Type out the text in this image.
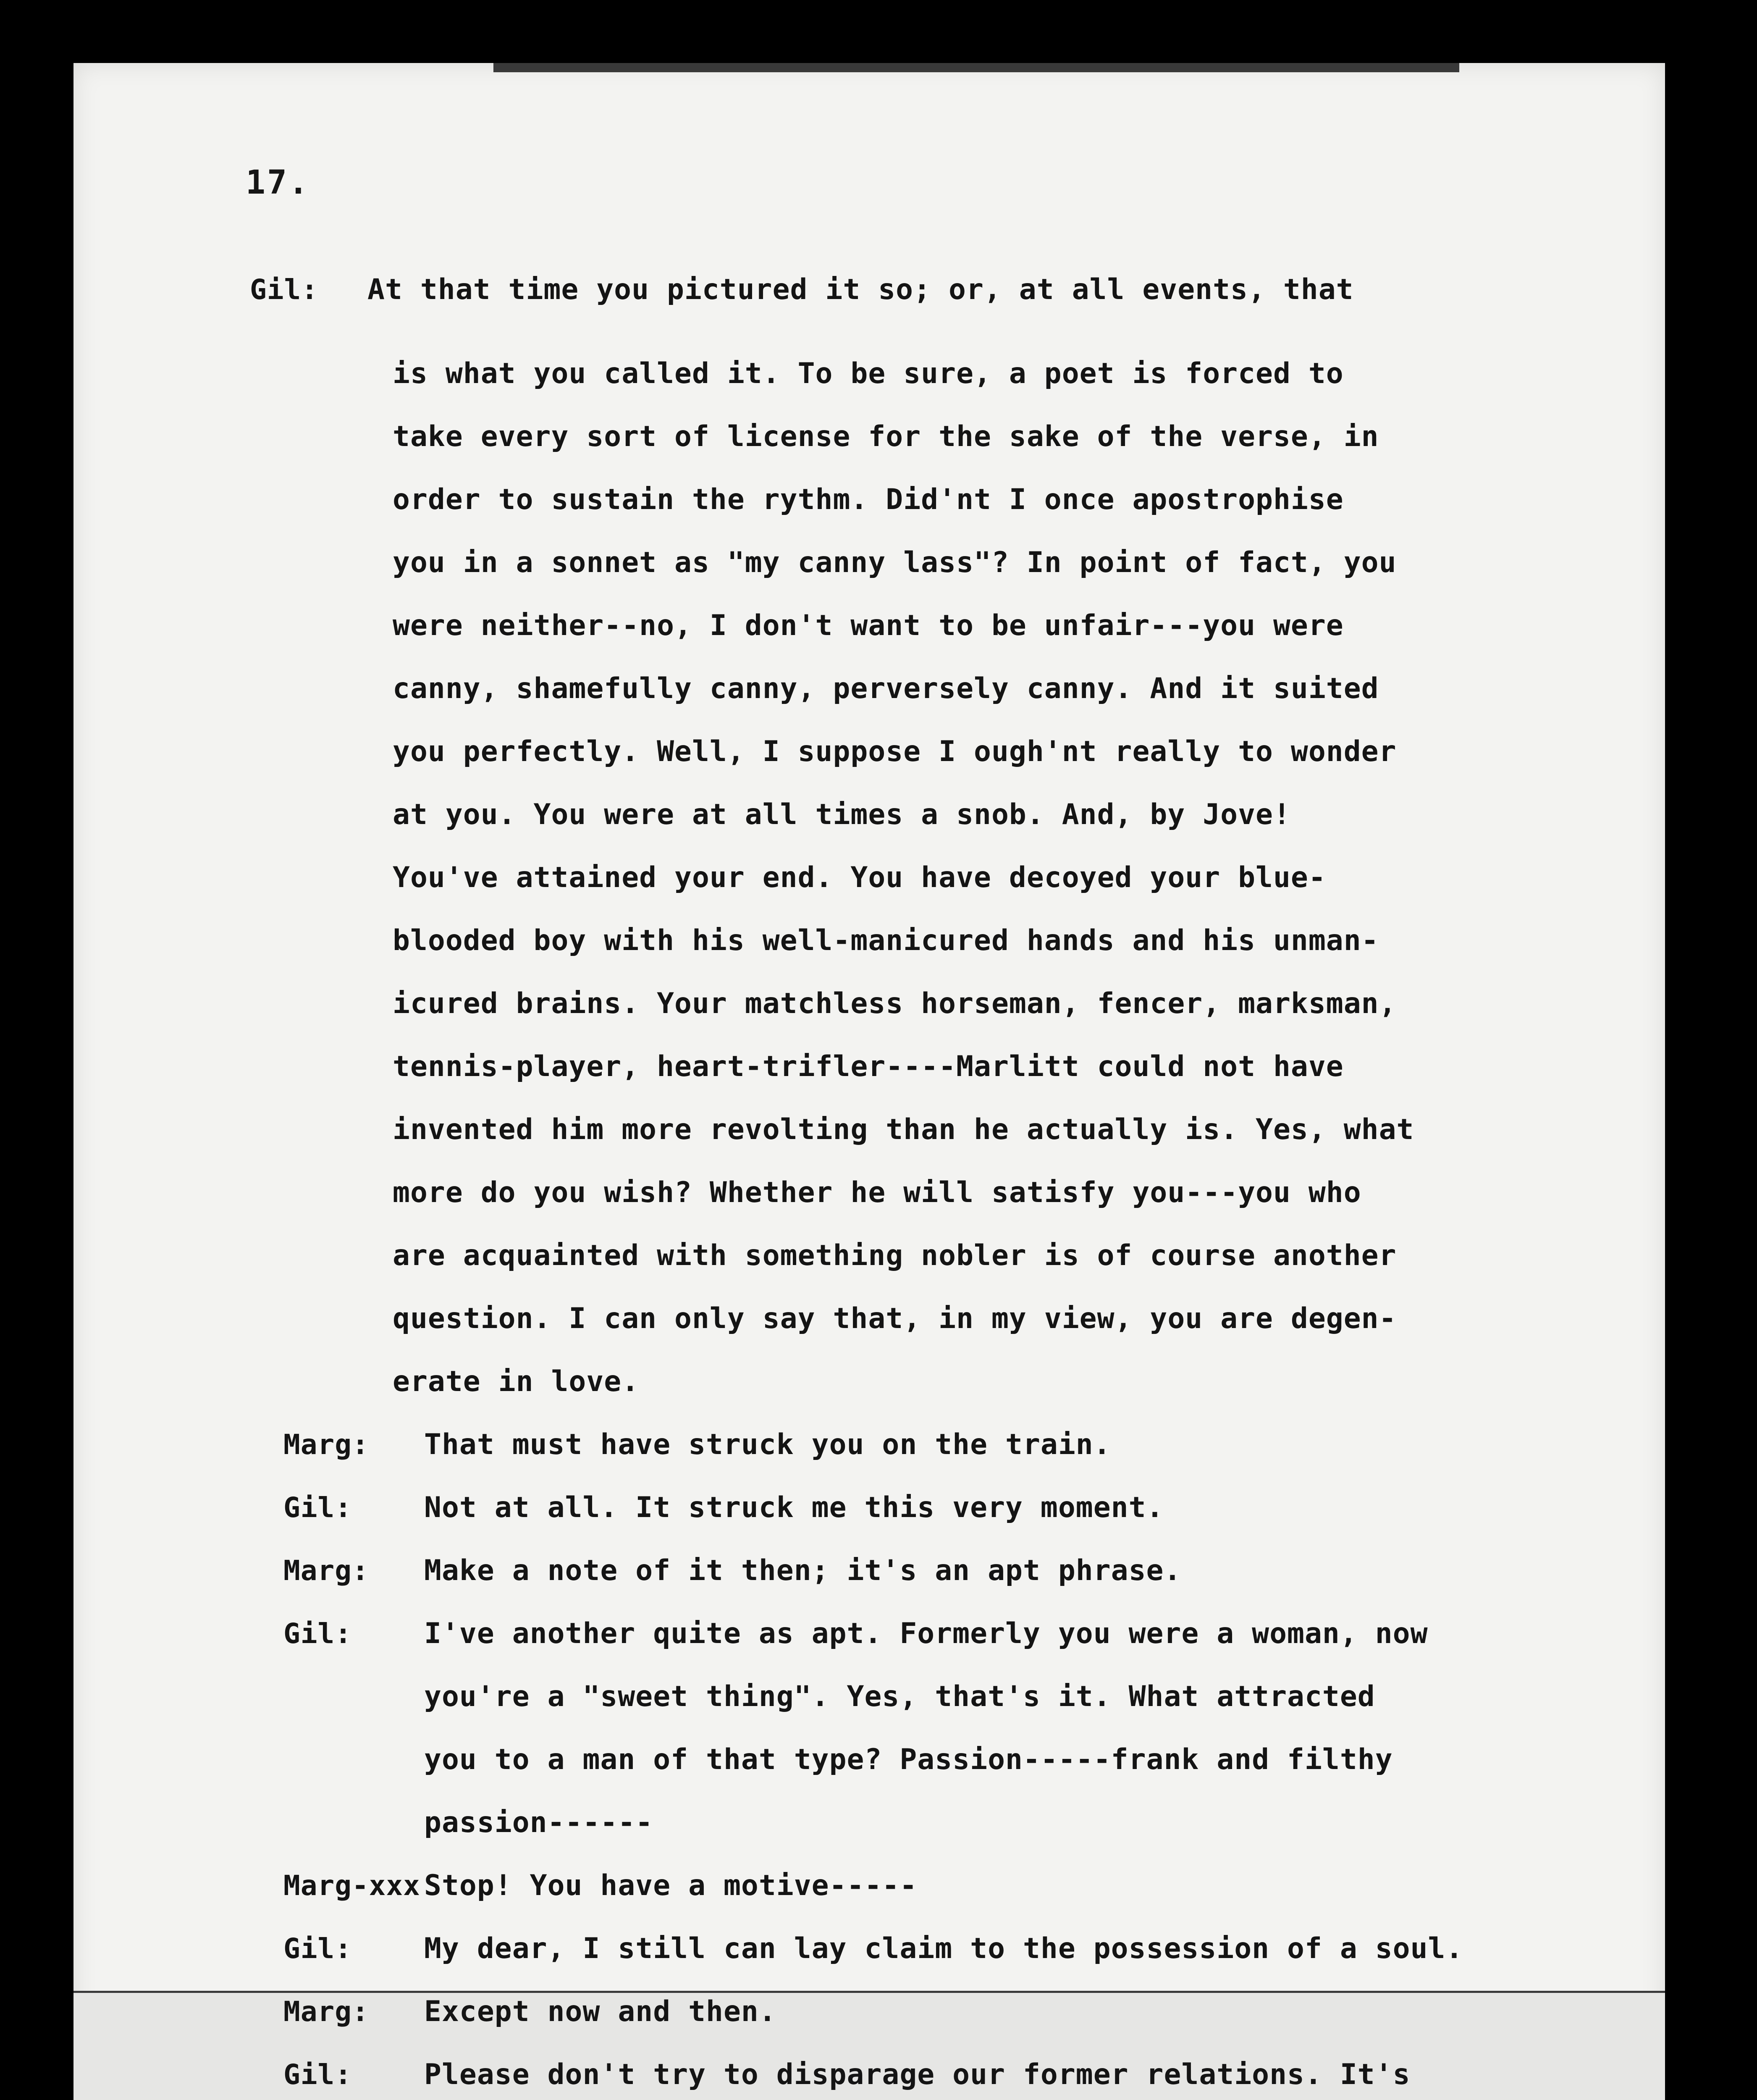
17.
Gil: At that time you pictured it so; or, at all events, that
is what you called it. To be sure, a poet is forced to
take every sort of license for the sake of the verse, in
order to sustain the rythm. Did'nt I once apostrophise
you in a sonnet as "my canny lass"? In point of fact, you
were neither--no, I don't want to be unfair---you were
canny, shamefully canny, perversely canny. And it suited
you perfectly. Well, I suppose I ough'nt really to wonder
at you. You were at all times a snob. And, by Jove!
You've attained your end. You have decoyed your blue-
blooded boy with his well-manicured hands and his unman-
icured brains. Your matchless horseman, fencer, marksman,
tennis-player, heart-trifler----Marlitt could not have
invented him more revolting than he actually is. Yes, what
more do you wish? Whether he will satisfy you---you who
are acquainted with something nobler is of course another
question. I can only say that, in my view, you are degen-
erate in love.
Marg: That must have struck you on the train.
Gil:	Not at all. It struck me this very moment.
Marg: Make a note of it then; it's an apt phrase.
Gil:	I've another quite as apt. Formerly you were a woman, now
you're a "sweet thing". Yes, that's it. What attracted
you to a man of that type? Passion-----frank and filthy
passion------
Marg-xxx Stop! You have a motive-----
Gil:	My dear, I still can lay claim to the possession of a soul.
Marg: Except now and then.
Gil:	Please don't try to disparage our former relations. It's
